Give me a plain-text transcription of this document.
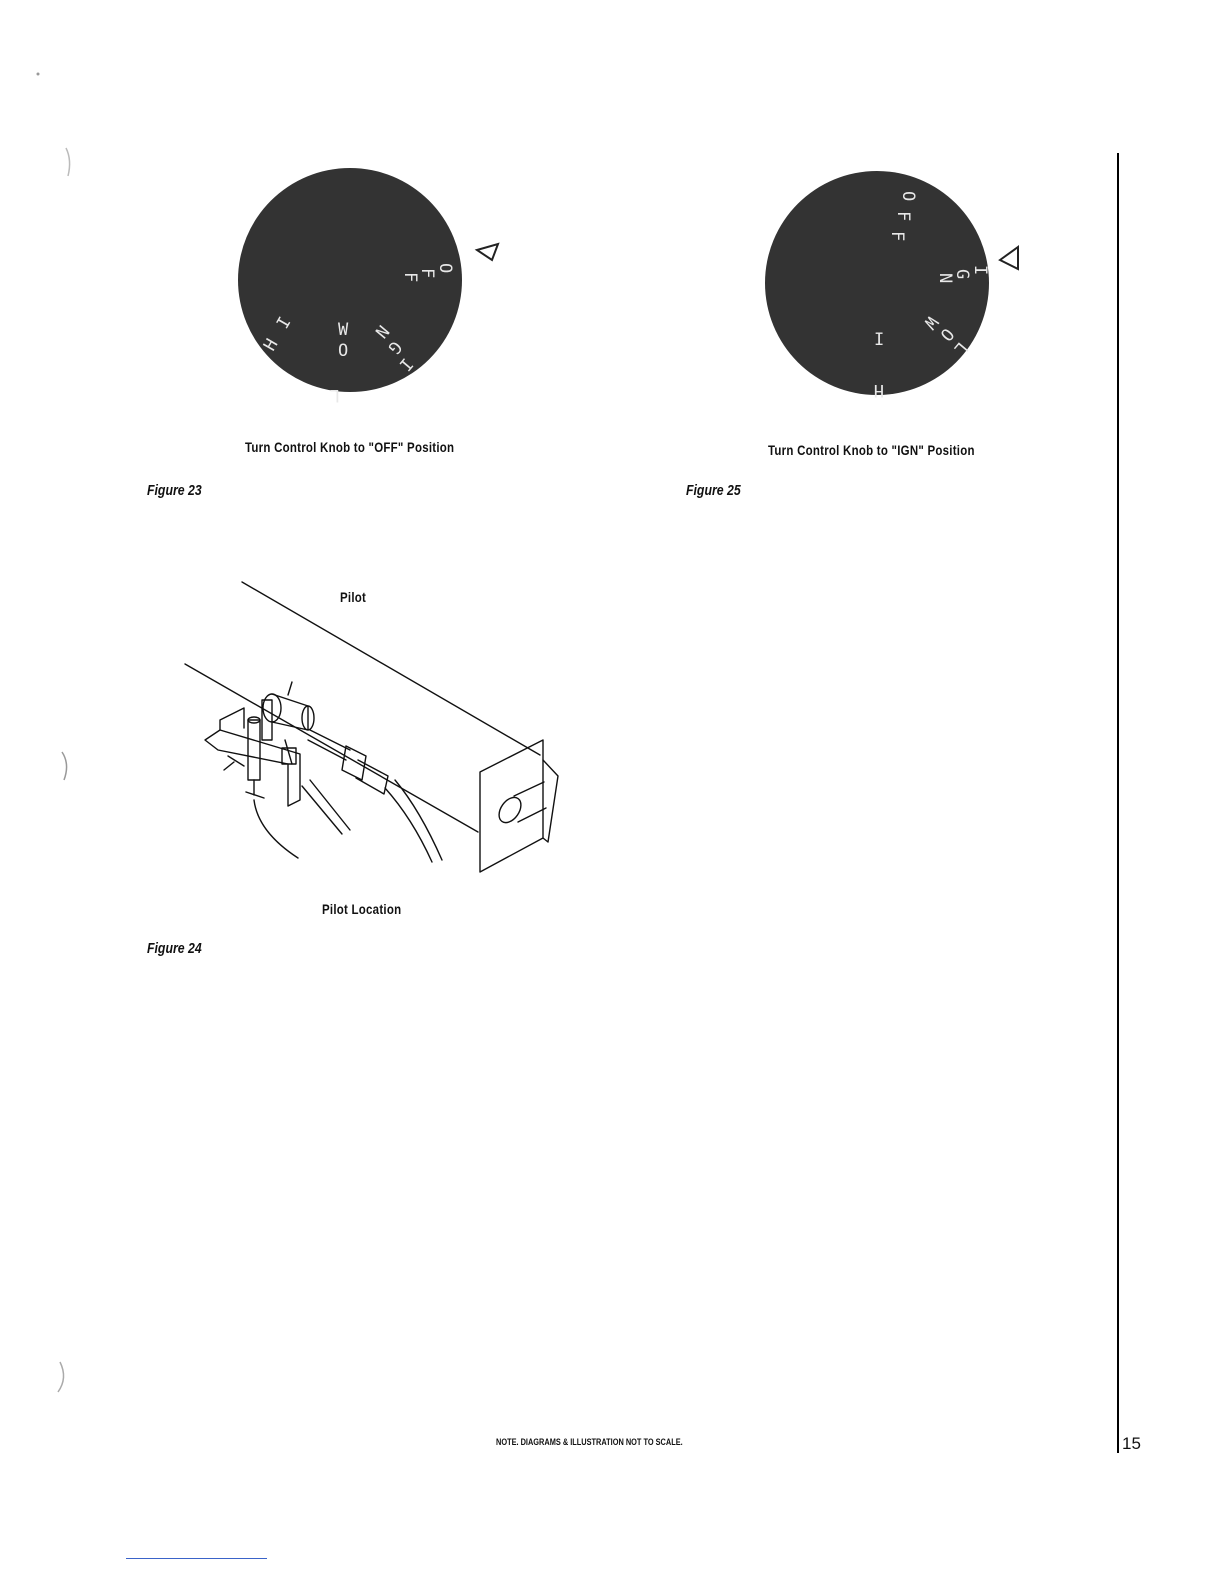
O
F
F
I
G
N
L
O
W
H
I
Turn Control Knob to "OFF" Position
Figure 23
O
F
F
I
G
N
L
O
W
H
I
Turn Control Knob to "IGN" Position
Figure 25
Pilot
Pilot Location
Figure 24
NOTE. DIAGRAMS & ILLUSTRATION NOT TO SCALE.	15
